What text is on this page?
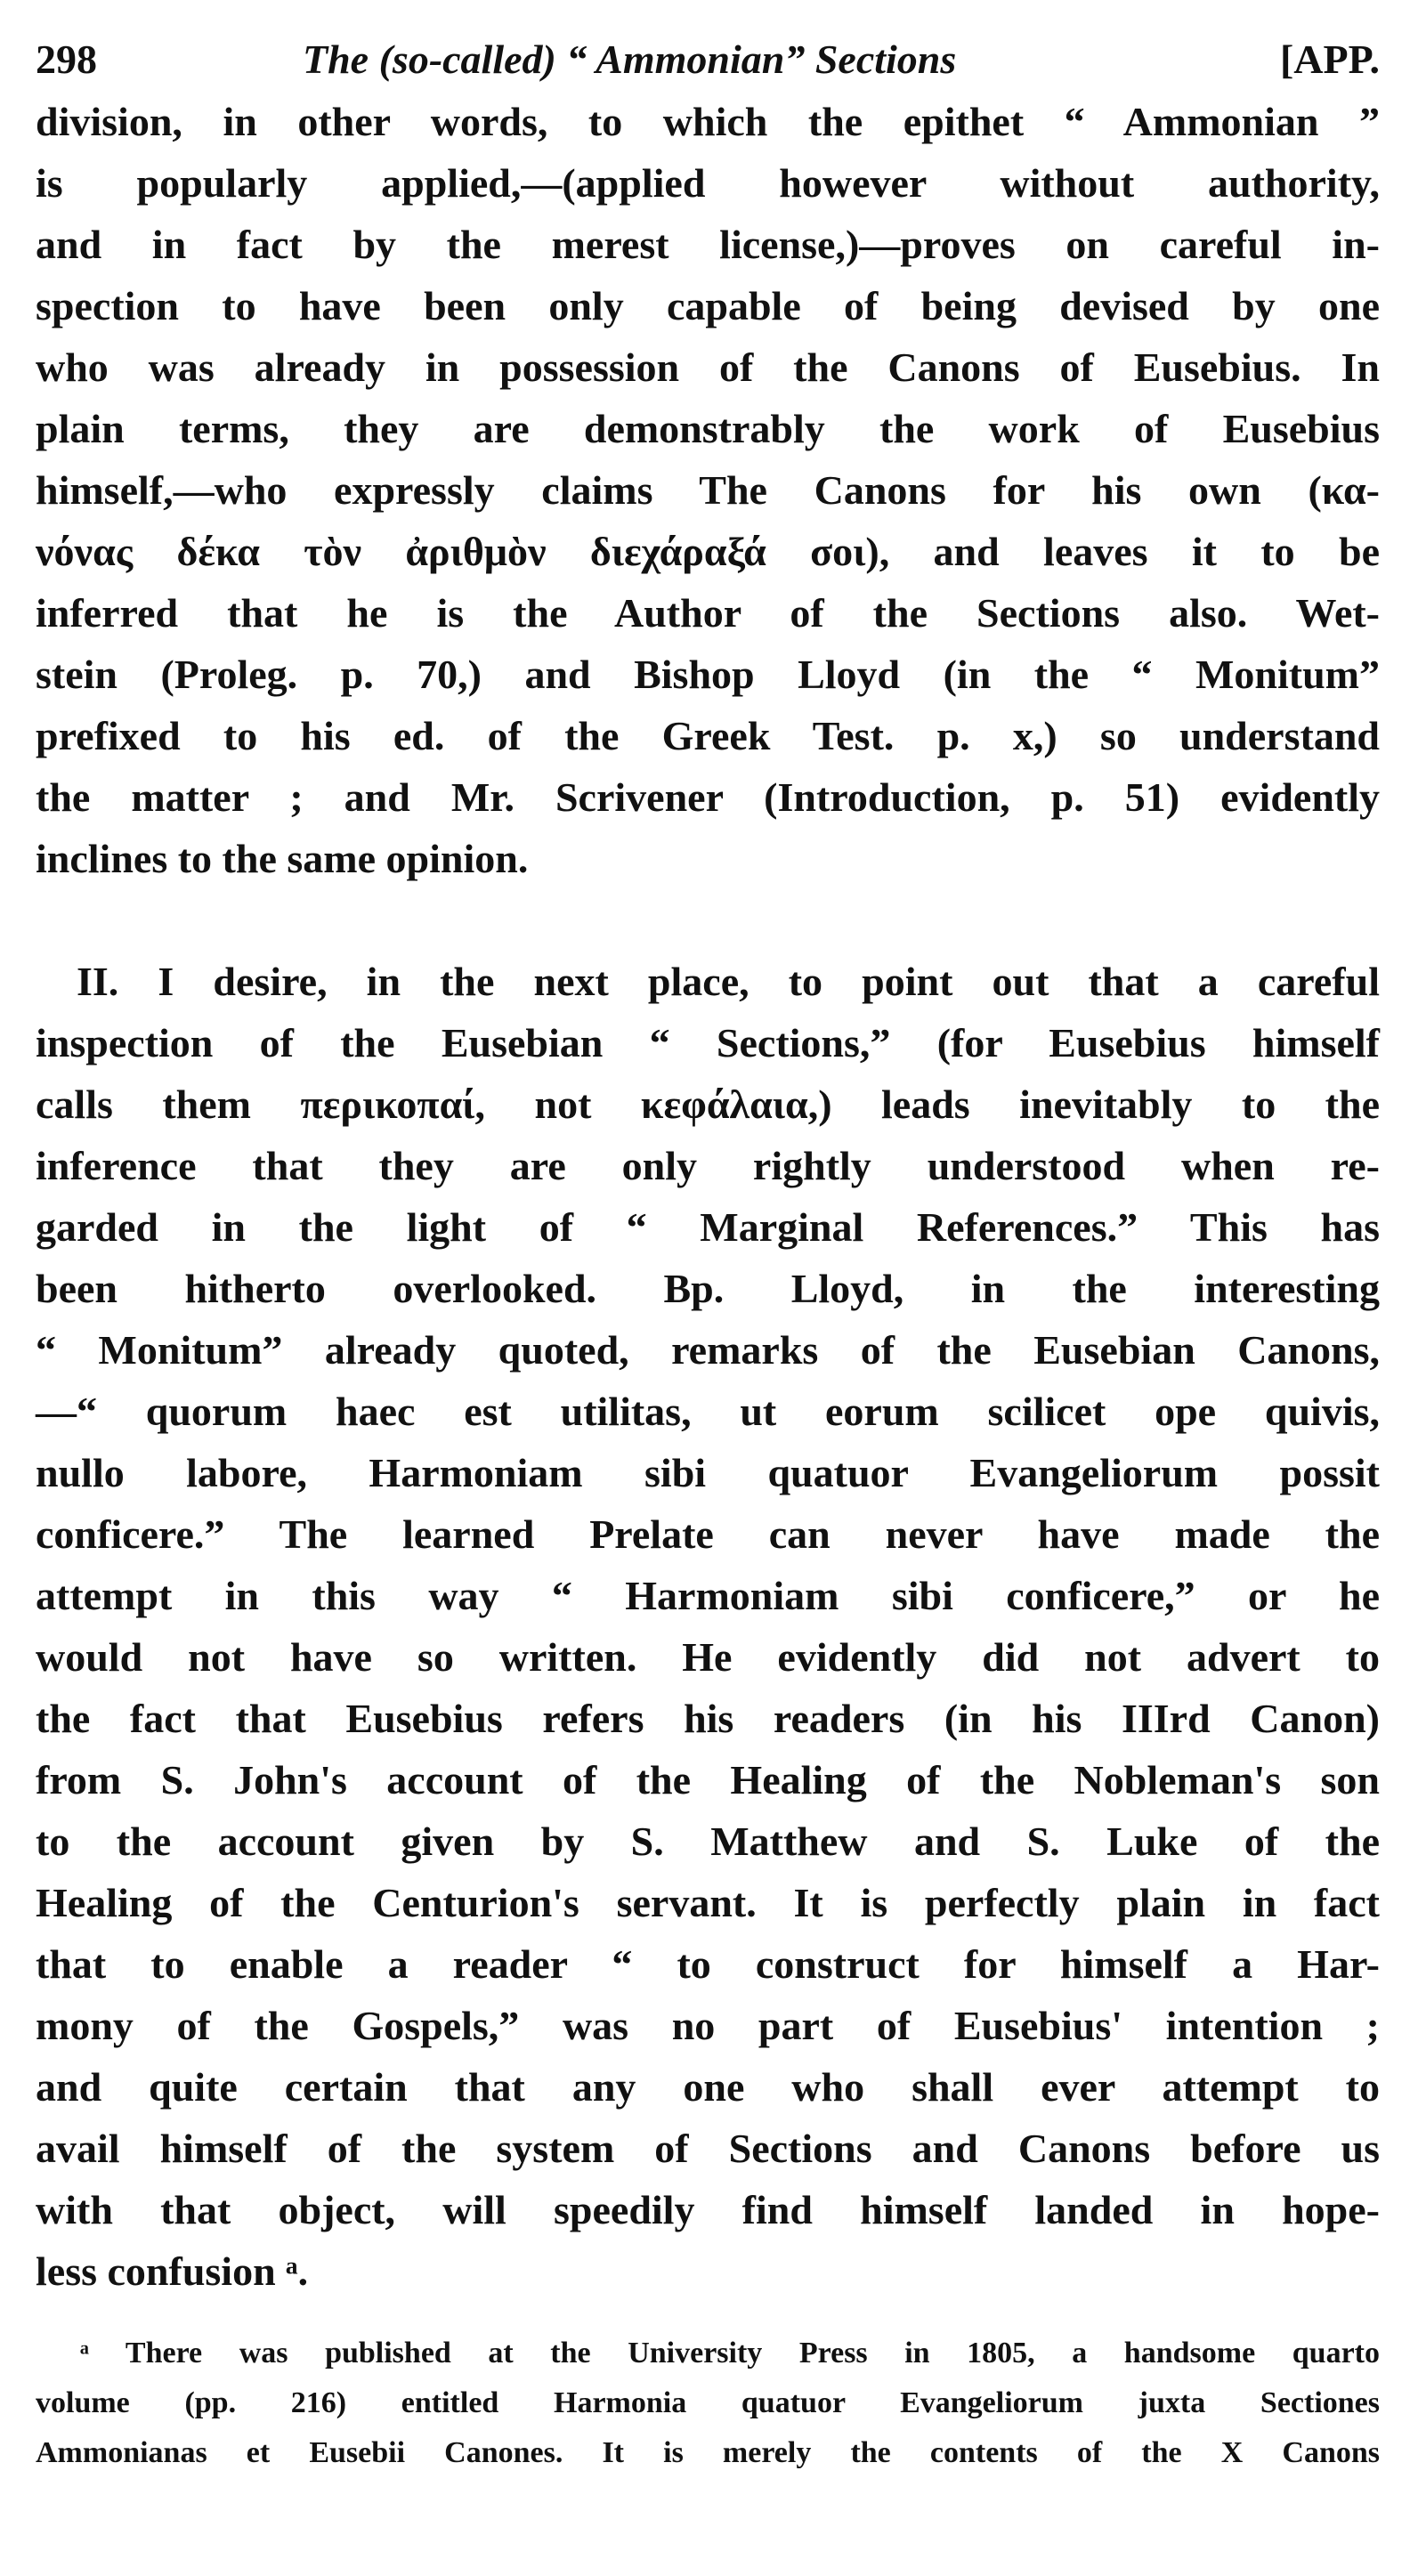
298	The (so-called) “ Ammonian” Sections	[APP.
division, in other words, to which the epithet “ Ammonian ”
is popularly applied,—(applied however without authority,
and in fact by the merest license,)—proves on careful in-
spection to have been only capable of being devised by one
who was already in possession of the Canons of Eusebius. In
plain terms, they are demonstrably the work of Eusebius
himself,—who expressly claims The Canons for his own (κα-
νόνας δέκα τὸν ἀριθμὸν διεχάραξά σοι), and leaves it to be
inferred that he is the Author of the Sections also. Wet-
stein (Proleg. p. 70,) and Bishop Lloyd (in the “ Monitum”
prefixed to his ed. of the Greek Test. p. x,) so understand
the matter ; and Mr. Scrivener (Introduction, p. 51) evidently
inclines to the same opinion.
II. I desire, in the next place, to point out that a careful
inspection of the Eusebian “ Sections,” (for Eusebius himself
calls them περικοπαί, not κεφάλαια,) leads inevitably to the
inference that they are only rightly understood when re-
garded in the light of “ Marginal References.” This has
been hitherto overlooked. Bp. Lloyd, in the interesting
“ Monitum” already quoted, remarks of the Eusebian Canons,
—“ quorum haec est utilitas, ut eorum scilicet ope quivis,
nullo labore, Harmoniam sibi quatuor Evangeliorum possit
conficere.” The learned Prelate can never have made the
attempt in this way “ Harmoniam sibi conficere,” or he
would not have so written. He evidently did not advert to
the fact that Eusebius refers his readers (in his IIIrd Canon)
from S. John's account of the Healing of the Nobleman's son
to the account given by S. Matthew and S. Luke of the
Healing of the Centurion's servant. It is perfectly plain in fact
that to enable a reader “ to construct for himself a Har-
mony of the Gospels,” was no part of Eusebius' intention ;
and quite certain that any one who shall ever attempt to
avail himself of the system of Sections and Canons before us
with that object, will speedily find himself landed in hope-
less confusion ᵃ.
ᵃ There was published at the University Press in 1805, a handsome quarto
volume (pp. 216) entitled Harmonia quatuor Evangeliorum juxta Sectiones
Ammonianas et Eusebii Canones. It is merely the contents of the X Canons
